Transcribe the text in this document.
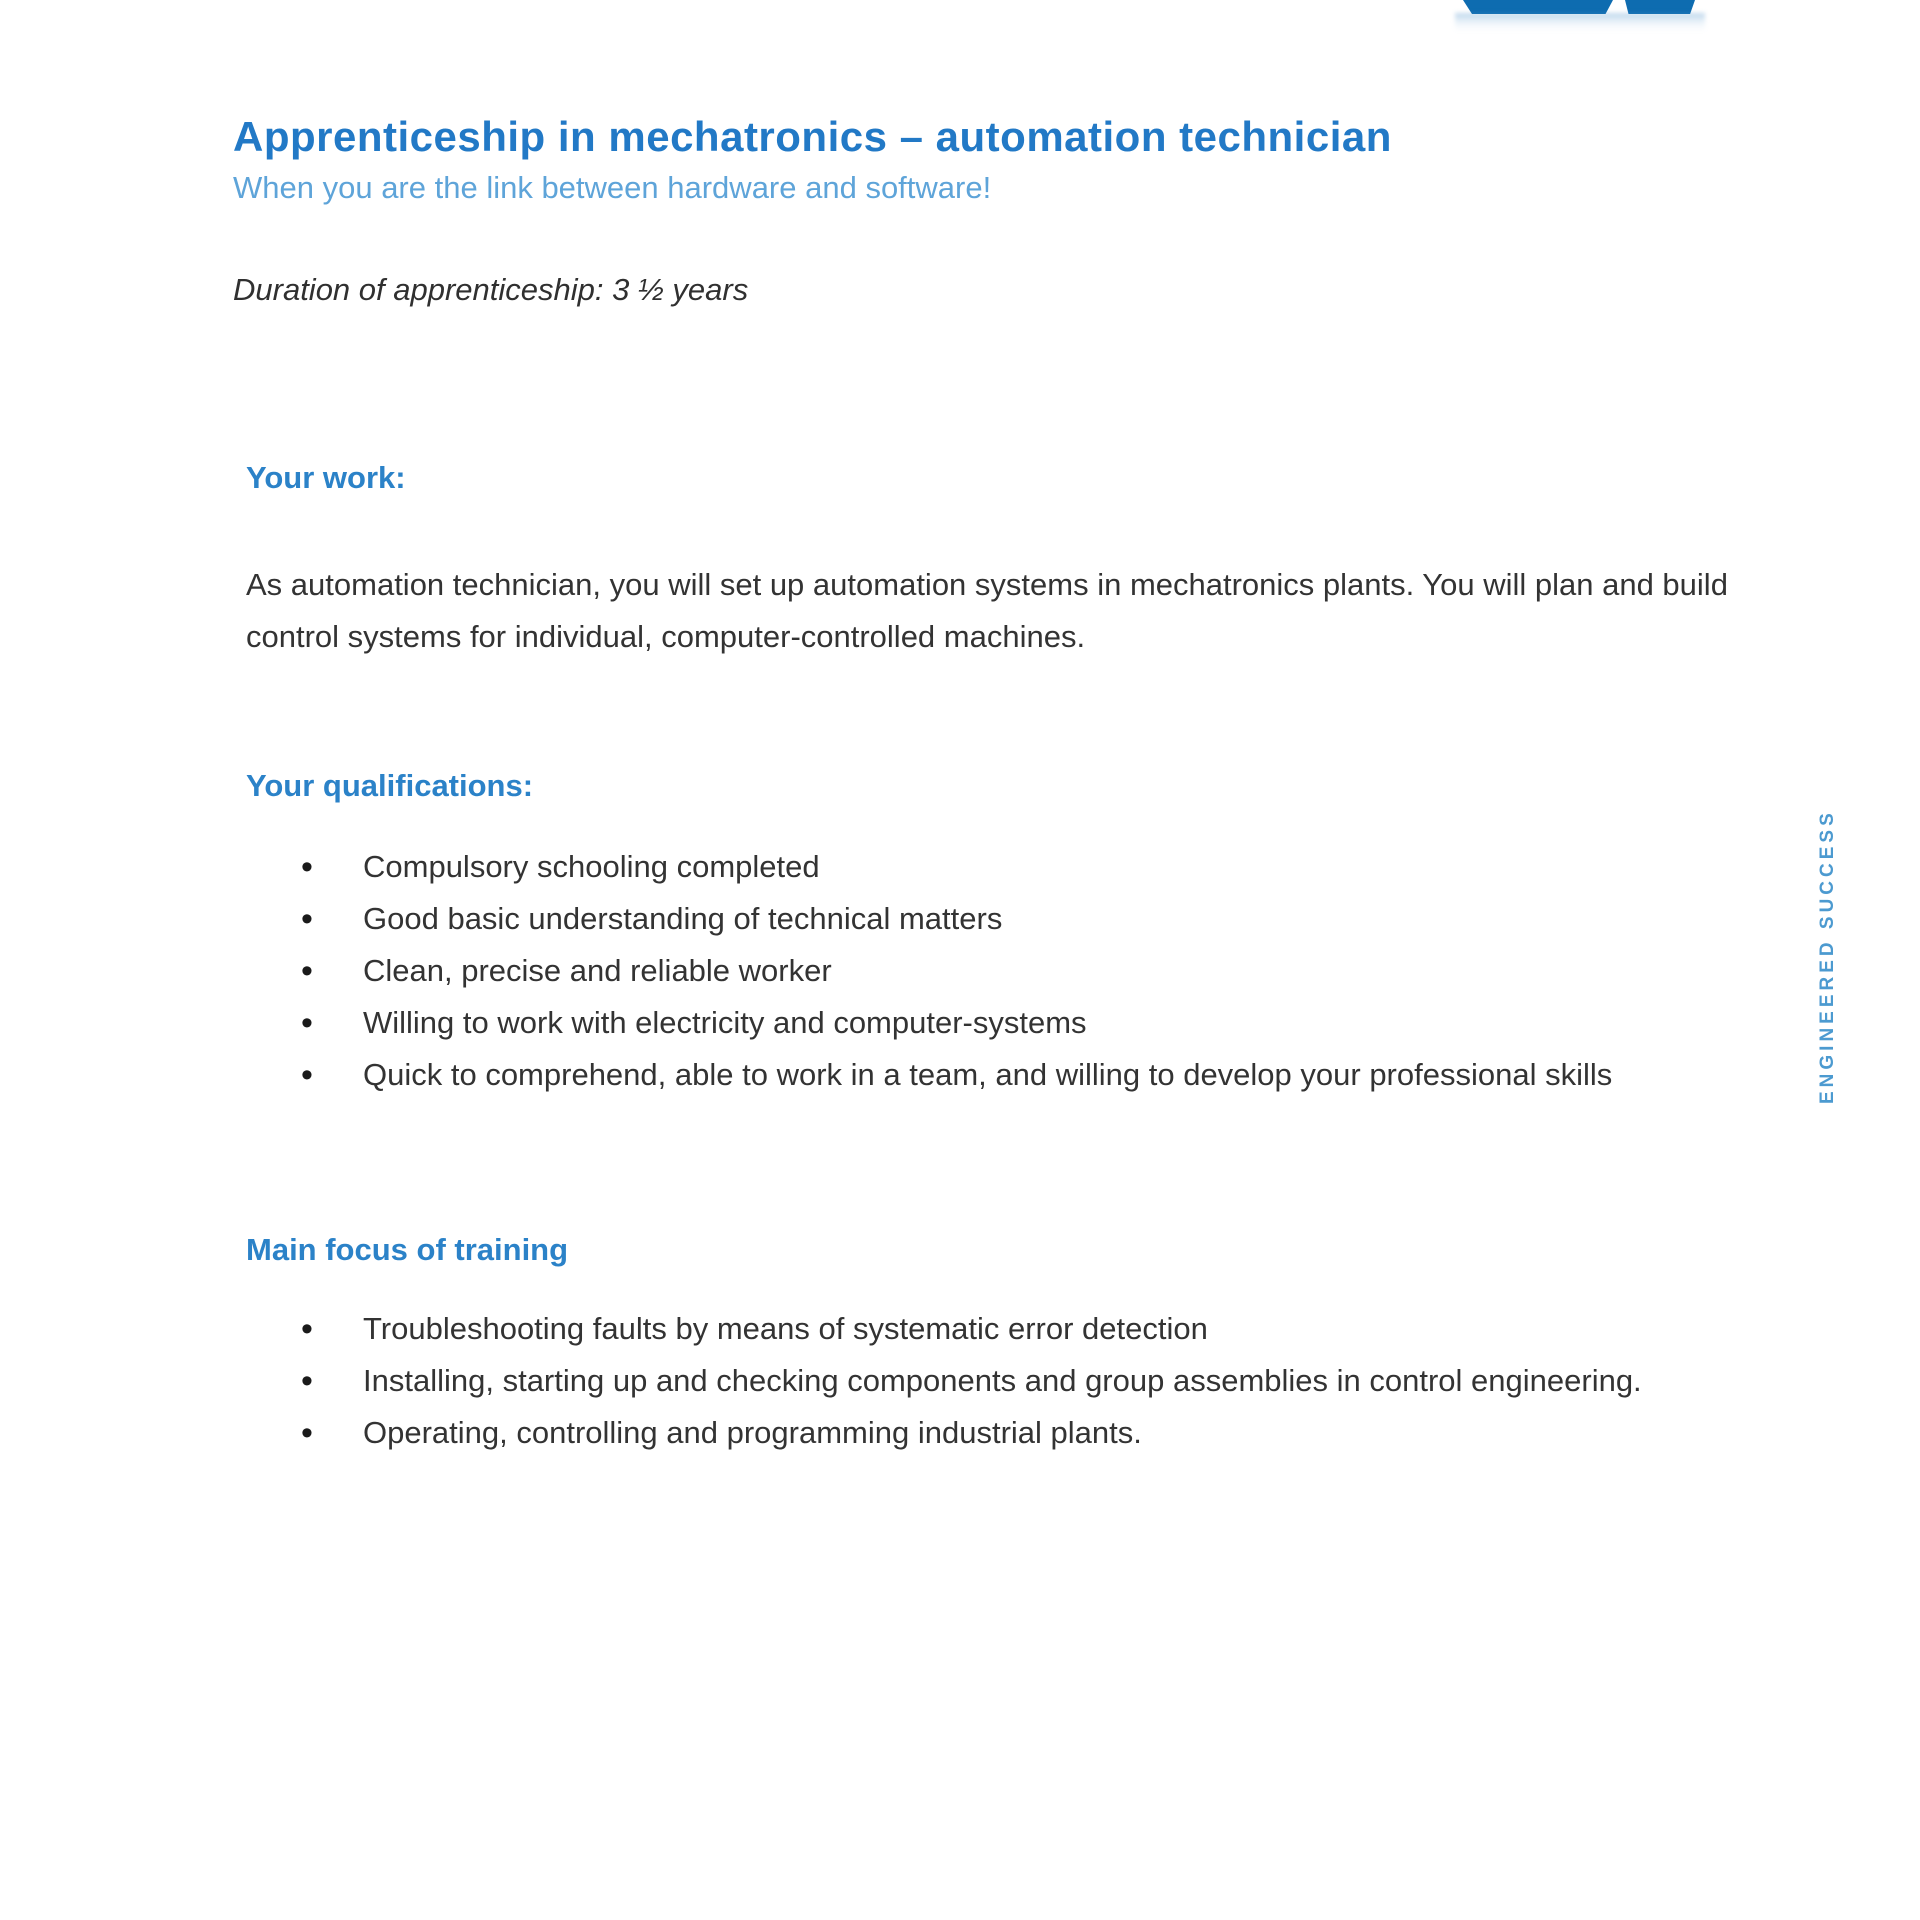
Apprenticeship in mechatronics – automation technician
When you are the link between hardware and software!
Duration of apprenticeship: 3 ½ years
Your work:

As automation technician, you will set up automation systems in mechatronics plants. You will plan and build control systems for individual, computer-controlled machines.

Your qualifications:
• Compulsory schooling completed
• Good basic understanding of technical matters
• Clean, precise and reliable worker
• Willing to work with electricity and computer-systems
• Quick to comprehend, able to work in a team, and willing to develop your professional skills
Main focus of training
• Troubleshooting faults by means of systematic error detection
• Installing, starting up and checking components and group assemblies in control engineering.
• Operating, controlling and programming industrial plants.
ENGINEERED SUCCESS
